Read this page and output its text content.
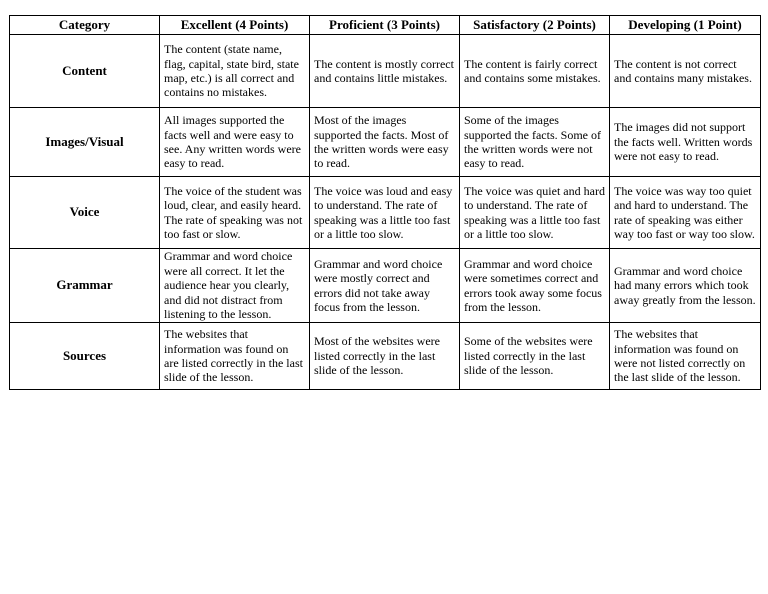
Category	Excellent (4 Points)	Proficient (3 Points)	Satisfactory (2 Points)	Developing (1 Point)
Content	The content (state name, flag, capital, state bird, state map, etc.) is all correct and contains no mistakes.	The content is mostly correct and contains little mistakes.	The content is fairly correct and contains some mistakes.	The content is not correct and contains many mistakes.
Images/Visual	All images supported the facts well and were easy to see. Any written words were easy to read.	Most of the images supported the facts. Most of the written words were easy to read.	Some of the images supported the facts. Some of the written words were not easy to read.	The images did not support the facts well. Written words were not easy to read.
Voice	The voice of the student was loud, clear, and easily heard. The rate of speaking was not too fast or slow.	The voice was loud and easy to understand. The rate of speaking was a little too fast or a little too slow.	The voice was quiet and hard to understand. The rate of speaking was a little too fast or a little too slow.	The voice was way too quiet and hard to understand. The rate of speaking was either way too fast or way too slow.
Grammar	Grammar and word choice were all correct. It let the audience hear you clearly, and did not distract from listening to the lesson.	Grammar and word choice were mostly correct and errors did not take away focus from the lesson.	Grammar and word choice were sometimes correct and errors took away some focus from the lesson.	Grammar and word choice had many errors which took away greatly from the lesson.
Sources	The websites that information was found on are listed correctly in the last slide of the lesson.	Most of the websites were listed correctly in the last slide of the lesson.	Some of the websites were listed correctly in the last slide of the lesson.	The websites that information was found on were not listed correctly on the last slide of the lesson.
